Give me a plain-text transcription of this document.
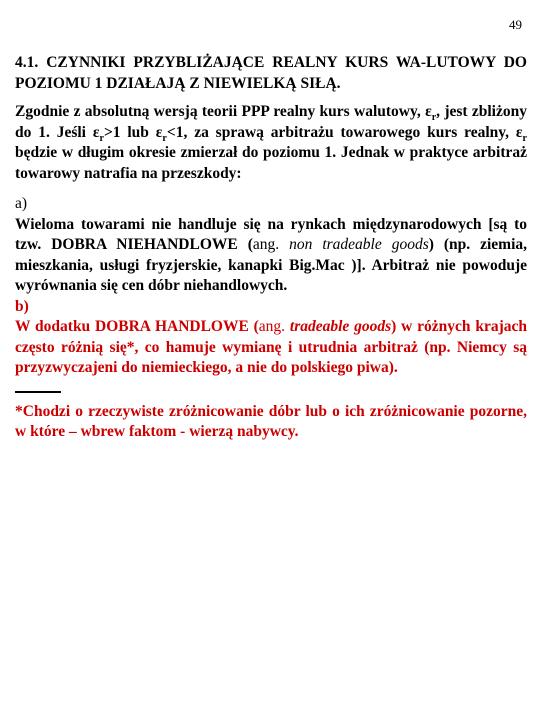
49

4.1. CZYNNIKI PRZYBLIŻAJĄCE REALNY KURS WA-LUTOWY DO POZIOMU 1 DZIAŁAJĄ Z NIEWIELKĄ SIŁĄ.

Zgodnie z absolutną wersją teorii PPP realny kurs walutowy, $\varepsilon_r$, jest zbliżony do 1. Jeśli $\varepsilon_r>1$ lub $\varepsilon_r<1$, za sprawą arbitrażu towarowego kurs realny, $\varepsilon_r$ będzie w długim okresie zmierzał do poziomu 1. Jednak w praktyce arbitraż towarowy natrafia na przeszkody:

a)

Wieloma towarami nie handluje się na rynkach międzynarodowych [są to tzw. DOBRA NIEHANDLOWE (ang. non tradeable goods) (np. ziemia, mieszkania, usługi fryzjerskie, kanapki Big.Mac )]. Arbitraż nie powoduje wyrównania się cen dóbr niehandlowych.

b)

W dodatku DOBRA HANDLOWE (ang. tradeable goods) w różnych krajach często różnią się*, co hamuje wymianę i utrudnia arbitraż (np. Niemcy są przyzwyczajeni do niemieckiego, a nie do polskiego piwa).

*Chodzi o rzeczywiste zróżnicowanie dóbr lub o ich zróżnicowanie pozorne, w które – wbrew faktom - wierzą nabywcy.
